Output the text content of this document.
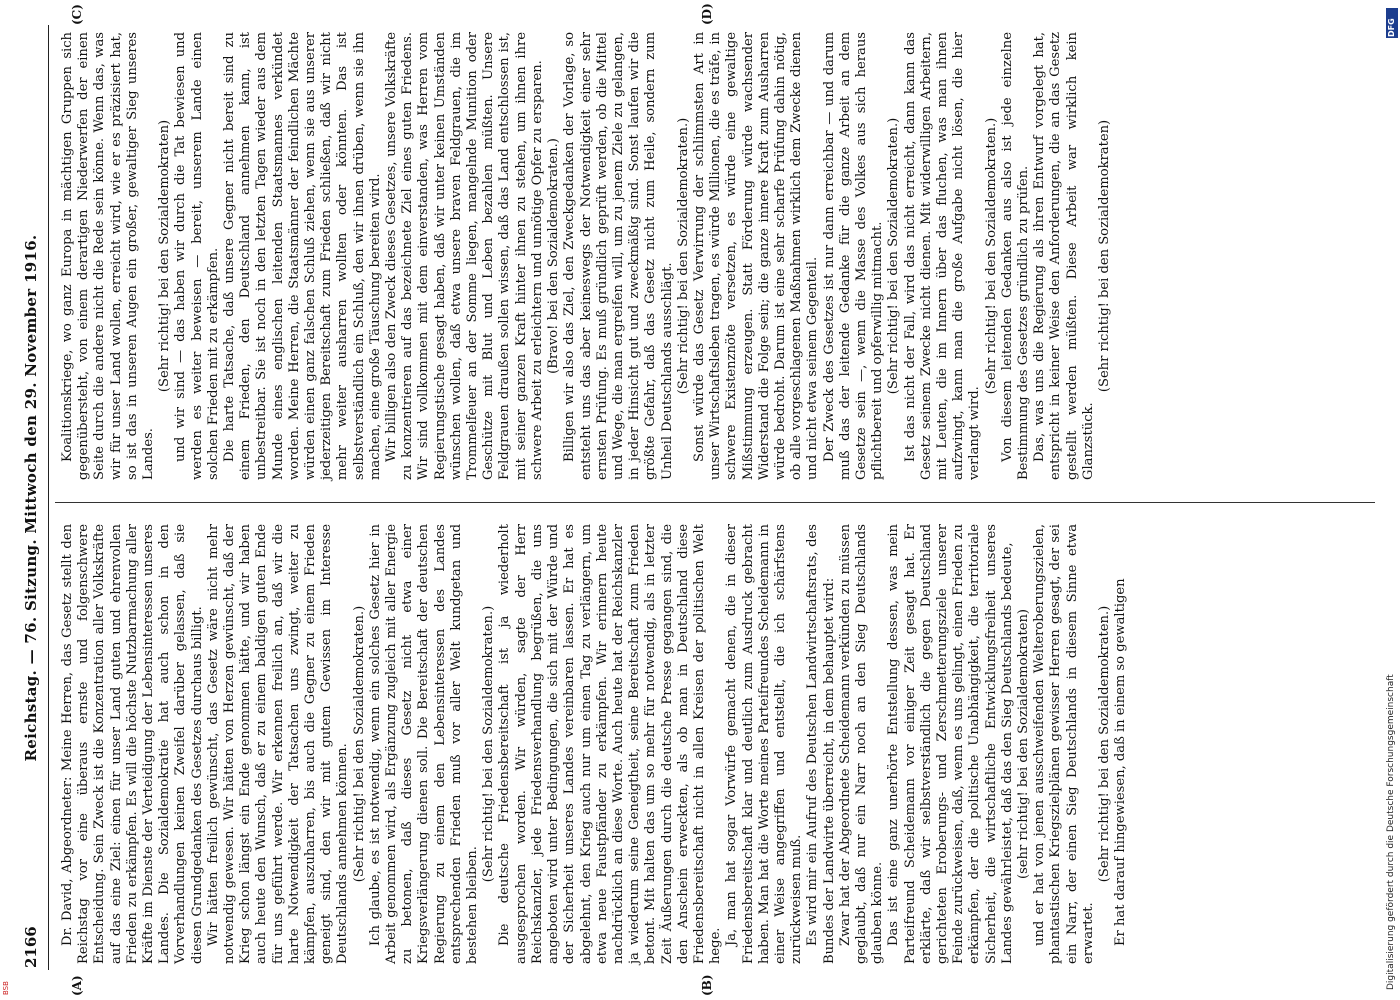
2166
Reichstag. — 76. Sitzung. Mittwoch den 29. November 1916.
(A)	(B)
(C)	(D)

Dr. David, Abgeordneter: Meine Herren, das Gesetz stellt den Reichstag vor eine überaus ernste und folgenschwere Entscheidung. Sein Zweck ist die Konzentration aller Volkskräfte auf das eine Ziel: einen für unser Land guten und ehrenvollen Frieden zu erkämpfen. Es will die höchste Nutzbarmachung aller Kräfte im Dienste der Verteidigung der Lebensinteressen unseres Landes. Die Sozialdemokratie hat auch schon in den Vorverhandlungen keinen Zweifel darüber gelassen, daß sie diesen Grundgedanken des Gesetzes durchaus billigt. Wir hätten freilich gewünscht, das Gesetz wäre nicht mehr notwendig gewesen. Wir hätten von Herzen gewünscht, daß der Krieg schon längst ein Ende genommen hätte, und wir haben auch heute den Wunsch, daß er zu einem baldigen guten Ende für uns geführt werde. Wir erkennen freilich an, daß wir die harte Notwendigkeit der Tatsachen uns zwingt, weiter zu kämpfen, auszuharren, bis auch die Gegner zu einem Frieden geneigt sind, den wir mit gutem Gewissen im Interesse Deutschlands annehmen können. (Sehr richtig! bei den Sozialdemokraten.) Ich glaube, es ist notwendig, wenn ein solches Gesetz hier in Arbeit genommen wird, als Ergänzung zugleich mit aller Energie zu betonen, daß dieses Gesetz nicht etwa einer Kriegsverlängerung dienen soll. Die Bereitschaft der deutschen Regierung zu einem den Lebensinteressen des Landes entsprechenden Frieden muß vor aller Welt kundgetan und bestehen bleiben.

(Sehr richtig! bei den Sozialdemokraten.) Die deutsche Friedensbereitschaft ist ja wiederholt ausgesprochen worden. Wir würden, sagte der Herr Reichskanzler, jede Friedensverhandlung begrüßen, die uns angeboten wird unter Bedingungen, die sich mit der Würde und der Sicherheit unseres Landes vereinbaren lassen. Er hat es abgelehnt, den Krieg auch nur um einen Tag zu verlängern, um etwa neue Faustpfänder zu erkämpfen. Wir erinnern heute nachdrücklich an diese Worte. Auch heute hat der Reichskanzler ja wiederum seine Geneigtheit, seine Bereitschaft zum Frieden betont. Mit halten das um so mehr für notwendig, als in letzter Zeit Äußerungen durch die deutsche Presse gegangen sind, die den Anschein erweckten, als ob man in Deutschland diese Friedensbereitschaft nicht in allen Kreisen der politischen Welt hege. Ja, man hat sogar Vorwürfe gemacht denen, die in dieser Friedensbereitschaft klar und deutlich zum Ausdruck gebracht haben. Man hat die Worte meines Parteifreundes Scheidemann in einer Weise angegriffen und entstellt, die ich schärfstens zurückweisen muß. Es wird mir ein Aufruf des Deutschen Landwirtschaftsrats, des Bundes der Landwirte überreicht, in dem behauptet wird: Zwar hat der Abgeordnete Scheidemann verkünden zu müssen geglaubt, daß nur ein Narr noch an den Sieg Deutschlands glauben könne. Das ist eine ganz unerhörte Entstellung dessen, was mein Parteifreund Scheidemann vor einiger Zeit gesagt hat. Er erklärte, daß wir selbstverständlich die gegen Deutschland gerichteten Eroberungs- und Zerschmetterungsziele unserer Feinde zurückweisen, daß, wenn es uns gelingt, einen Frieden zu erkämpfen, der die politische Unabhängigkeit, die territoriale Sicherheit, die wirtschaftliche Entwicklungsfreiheit unseres Landes gewährleistet, daß das den Sieg Deutschlands bedeute, (sehr richtig! bei den Sozialdemokraten) und er hat von jenen ausschweifenden Welteroberungszielen, phantastischen Kriegszielplänen gewisser Herren gesagt, der sei ein Narr, der einen Sieg Deutschlands in diesem Sinne etwa erwartet.

(Sehr richtig! bei den Sozialdemokraten.) Er hat darauf hingewiesen, daß in einem so gewaltigen

Koalitionskriege, wo ganz Europa in mächtigen Gruppen sich gegenübersteht, von einem derartigen Niederwerfen der einen Seite durch die andere nicht die Rede sein könne. Wenn das, was wir für unser Land wollen, erreicht wird, wie er es präzisiert hat, so ist das in unseren Augen ein großer, gewaltiger Sieg unseres Landes.

(Sehr richtig! bei den Sozialdemokraten) und wir sind — das haben wir durch die Tat bewiesen und werden es weiter beweisen — bereit, unserem Lande einen solchen Frieden mit zu erkämpfen. Die harte Tatsache, daß unsere Gegner nicht bereit sind zu einem Frieden, den Deutschland annehmen kann, ist unbestreitbar. Sie ist noch in den letzten Tagen wieder aus dem Munde eines englischen leitenden Staatsmannes verkündet worden. Meine Herren, die Staatsmänner der feindlichen Mächte würden einen ganz falschen Schluß ziehen, wenn sie aus unserer jederzeitigen Bereitschaft zum Frieden schließen, daß wir nicht mehr weiter ausharren wollten oder könnten. Das ist selbstverständlich ein Schluß, den wir ihnen drüben, wenn sie ihn machen, eine große Täuschung bereiten wird. Wir billigen also den Zweck dieses Gesetzes, unsere Volkskräfte zu konzentrieren auf das bezeichnete Ziel eines guten Friedens. Wir sind vollkommen mit dem einverstanden, was Herren vom Regierungstische gesagt haben, daß wir unter keinen Umständen wünschen wollen, daß etwa unsere braven Feldgrauen, die im Trommelfeuer an der Somme liegen, mangelnde Munition oder Geschütze mit Blut und Leben bezahlen müßten. Unsere Feldgrauen draußen sollen wissen, daß das Land entschlossen ist, mit seiner ganzen Kraft hinter ihnen zu stehen, um ihnen ihre schwere Arbeit zu erleichtern und unnötige Opfer zu ersparen. (Bravo! bei den Sozialdemokraten.) Billigen wir also das Ziel, den Zweckgedanken der Vorlage, so entsteht uns das aber keineswegs der Notwendigkeit einer sehr ernsten Prüfung. Es muß gründlich geprüft werden, ob die Mittel und Wege, die man ergreifen will, um zu jenem Ziele zu gelangen, in jeder Hinsicht gut und zweckmäßig sind. Sonst laufen wir die größte Gefahr, daß das Gesetz nicht zum Heile, sondern zum Unheil Deutschlands ausschlägt. (Sehr richtig! bei den Sozialdemokraten.) Sonst würde das Gesetz Verwirrung der schlimmsten Art in unser Wirtschaftsleben tragen, es würde Millionen, die es träfe, in schwere Existenznöte versetzen, es würde eine gewaltige Mißstimmung erzeugen. Statt Förderung würde wachsender Widerstand die Folge sein; die ganze innere Kraft zum Ausharren würde bedroht. Darum ist eine sehr scharfe Prüfung dahin nötig, ob alle vorgeschlagenen Maßnahmen wirklich dem Zwecke dienen und nicht etwa seinem Gegenteil. Der Zweck des Gesetzes ist nur dann erreichbar — und darum muß das der leitende Gedanke für die ganze Arbeit an dem Gesetze sein —, wenn die Masse des Volkes aus sich heraus pflichtbereit und opferwillig mitmacht. (Sehr richtig! bei den Sozialdemokraten.) Ist das nicht der Fall, wird das nicht erreicht, dann kann das Gesetz seinem Zwecke nicht dienen. Mit widerwilligen Arbeitern, mit Leuten, die im Innern über das fluchen, was man ihnen aufzwingt, kann man die große Aufgabe nicht lösen, die hier verlangt wird.

(Sehr richtig! bei den Sozialdemokraten.) Von diesem leitenden Gedanken aus also ist jede einzelne Bestimmung des Gesetzes gründlich zu prüfen. Das, was uns die Regierung als ihren Entwurf vorgelegt hat, entspricht in keiner Weise den Anforderungen, die an das Gesetz gestellt werden müßten. Diese Arbeit war wirklich kein Glanzstück.

(Sehr richtig! bei den Sozialdemokraten)

DFG
Digitalisierung gefördert durch die Deutsche Forschungsgemeinschaft
BSB
